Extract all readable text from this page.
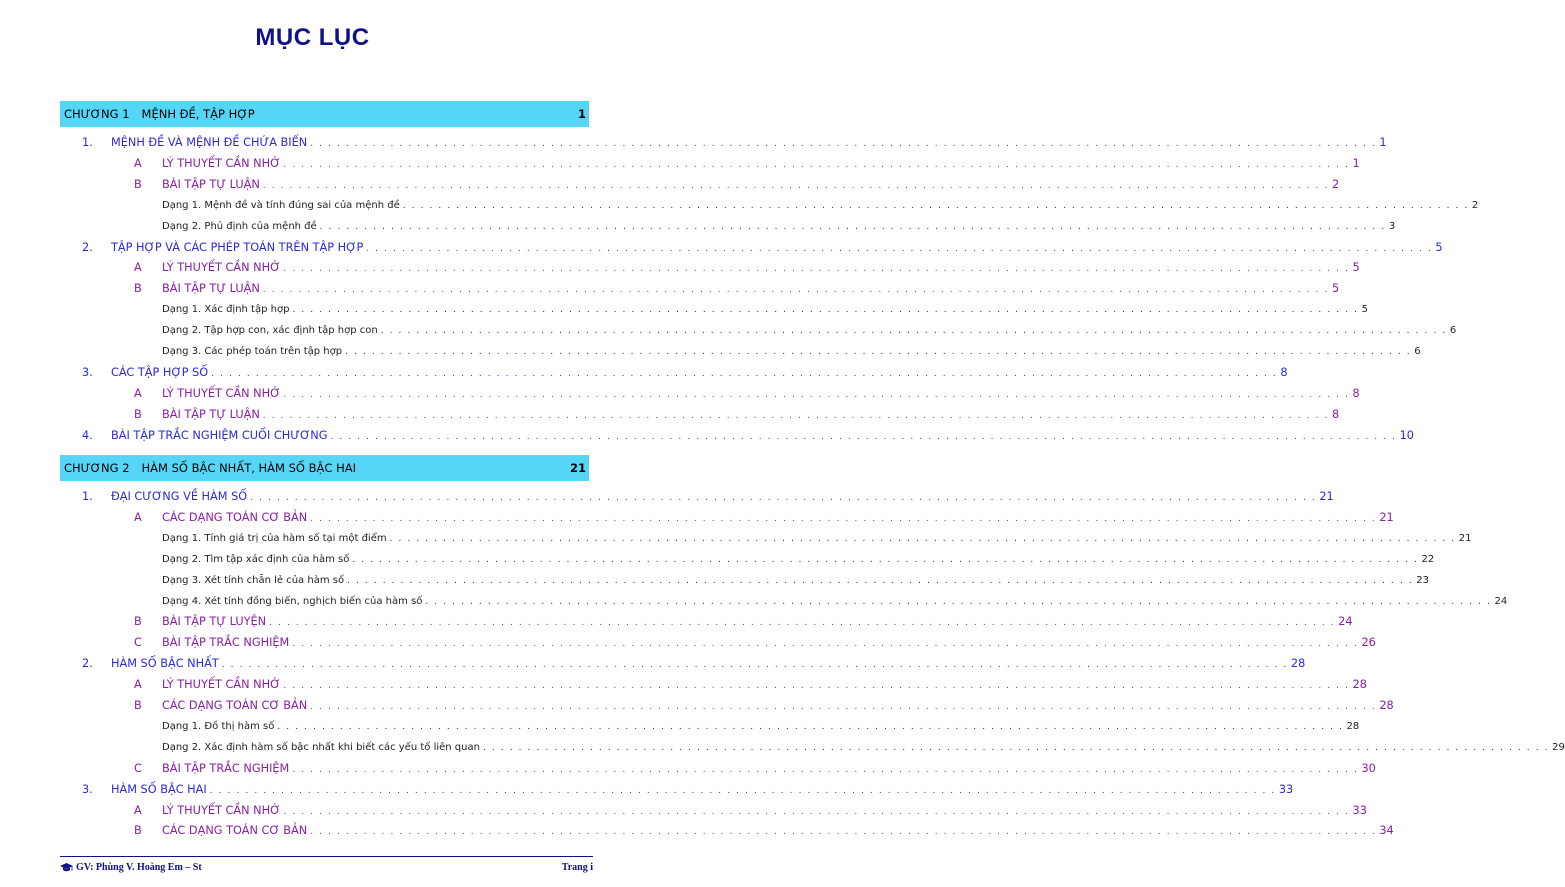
MỤC LỤC
CHƯƠNG 1 MỆNH ĐỀ, TẬP HỢP	1
1. MỆNH ĐỀ VÀ MỆNH ĐỀ CHỨA BIẾN . . . . . . . . . . . . . . . . . . . . . . . . . . . . . . . . . . . . . . . . . . . . . . . . . . . . . . . . . . . . . . . . . . . . . . . . . . . . . . . . . . . . . . . . . . . . . . . . . . . . . . . . . . . . . . . . . . . . . . . . 1
A LÝ THUYẾT CẦN NHỚ . . . . . . . . . . . . . . . . . . . . . . . . . . . . . . . . . . . . . . . . . . . . . . . . . . . . . . . . . . . . . . . . . . . . . . . . . . . . . . . . . . . . . . . . . . . . . . . . . . . . . . . . . . . . . . . . . . . . . . . . 1
B BÀI TẬP TỰ LUẬN . . . . . . . . . . . . . . . . . . . . . . . . . . . . . . . . . . . . . . . . . . . . . . . . . . . . . . . . . . . . . . . . . . . . . . . . . . . . . . . . . . . . . . . . . . . . . . . . . . . . . . . . . . . . . . . . . . . . . . . . 2
Dạng 1. Mệnh đề và tính đúng sai của mệnh đề . . . . . . . . . . . . . . . . . . . . . . . . . . . . . . . . . . . . . . . . . . . . . . . . . . . . . . . . . . . . . . . . . . . . . . . . . . . . . . . . . . . . . . . . . . . . . . . . . . . . . . . . . . . . . . . . . . . . . . . . 2
Dạng 2. Phủ định của mệnh đề . . . . . . . . . . . . . . . . . . . . . . . . . . . . . . . . . . . . . . . . . . . . . . . . . . . . . . . . . . . . . . . . . . . . . . . . . . . . . . . . . . . . . . . . . . . . . . . . . . . . . . . . . . . . . . . . . . . . . . . . 3
2. TẬP HỢP VÀ CÁC PHÉP TOÁN TRÊN TẬP HỢP . . . . . . . . . . . . . . . . . . . . . . . . . . . . . . . . . . . . . . . . . . . . . . . . . . . . . . . . . . . . . . . . . . . . . . . . . . . . . . . . . . . . . . . . . . . . . . . . . . . . . . . . . . . . . . . . . . . . . . . . 5
A LÝ THUYẾT CẦN NHỚ . . . . . . . . . . . . . . . . . . . . . . . . . . . . . . . . . . . . . . . . . . . . . . . . . . . . . . . . . . . . . . . . . . . . . . . . . . . . . . . . . . . . . . . . . . . . . . . . . . . . . . . . . . . . . . . . . . . . . . . . 5
B BÀI TẬP TỰ LUẬN . . . . . . . . . . . . . . . . . . . . . . . . . . . . . . . . . . . . . . . . . . . . . . . . . . . . . . . . . . . . . . . . . . . . . . . . . . . . . . . . . . . . . . . . . . . . . . . . . . . . . . . . . . . . . . . . . . . . . . . . 5
Dạng 1. Xác định tập hợp . . . . . . . . . . . . . . . . . . . . . . . . . . . . . . . . . . . . . . . . . . . . . . . . . . . . . . . . . . . . . . . . . . . . . . . . . . . . . . . . . . . . . . . . . . . . . . . . . . . . . . . . . . . . . . . . . . . . . . . . 5
Dạng 2. Tập hợp con, xác định tập hợp con . . . . . . . . . . . . . . . . . . . . . . . . . . . . . . . . . . . . . . . . . . . . . . . . . . . . . . . . . . . . . . . . . . . . . . . . . . . . . . . . . . . . . . . . . . . . . . . . . . . . . . . . . . . . . . . . . . . . . . . . 6
Dạng 3. Các phép toán trên tập hợp . . . . . . . . . . . . . . . . . . . . . . . . . . . . . . . . . . . . . . . . . . . . . . . . . . . . . . . . . . . . . . . . . . . . . . . . . . . . . . . . . . . . . . . . . . . . . . . . . . . . . . . . . . . . . . . . . . . . . . . . 6
3. CÁC TẬP HỢP SỐ . . . . . . . . . . . . . . . . . . . . . . . . . . . . . . . . . . . . . . . . . . . . . . . . . . . . . . . . . . . . . . . . . . . . . . . . . . . . . . . . . . . . . . . . . . . . . . . . . . . . . . . . . . . . . . . . . . . . . . . . 8
A LÝ THUYẾT CẦN NHỚ . . . . . . . . . . . . . . . . . . . . . . . . . . . . . . . . . . . . . . . . . . . . . . . . . . . . . . . . . . . . . . . . . . . . . . . . . . . . . . . . . . . . . . . . . . . . . . . . . . . . . . . . . . . . . . . . . . . . . . . . 8
B BÀI TẬP TỰ LUẬN . . . . . . . . . . . . . . . . . . . . . . . . . . . . . . . . . . . . . . . . . . . . . . . . . . . . . . . . . . . . . . . . . . . . . . . . . . . . . . . . . . . . . . . . . . . . . . . . . . . . . . . . . . . . . . . . . . . . . . . . 8
4. BÀI TẬP TRẮC NGHIỆM CUỐI CHƯƠNG . . . . . . . . . . . . . . . . . . . . . . . . . . . . . . . . . . . . . . . . . . . . . . . . . . . . . . . . . . . . . . . . . . . . . . . . . . . . . . . . . . . . . . . . . . . . . . . . . . . . . . . . . . . . . . . . . . . . . . . . 10
CHƯƠNG 2 HÀM SỐ BẬC NHẤT, HÀM SỐ BẬC HAI	21
1. ĐẠI CƯƠNG VỀ HÀM SỐ . . . . . . . . . . . . . . . . . . . . . . . . . . . . . . . . . . . . . . . . . . . . . . . . . . . . . . . . . . . . . . . . . . . . . . . . . . . . . . . . . . . . . . . . . . . . . . . . . . . . . . . . . . . . . . . . . . . . . . . . 21
A CÁC DẠNG TOÁN CƠ BẢN . . . . . . . . . . . . . . . . . . . . . . . . . . . . . . . . . . . . . . . . . . . . . . . . . . . . . . . . . . . . . . . . . . . . . . . . . . . . . . . . . . . . . . . . . . . . . . . . . . . . . . . . . . . . . . . . . . . . . . . . 21
Dạng 1. Tính giá trị của hàm số tại một điểm . . . . . . . . . . . . . . . . . . . . . . . . . . . . . . . . . . . . . . . . . . . . . . . . . . . . . . . . . . . . . . . . . . . . . . . . . . . . . . . . . . . . . . . . . . . . . . . . . . . . . . . . . . . . . . . . . . . . . . . . 21
Dạng 2. Tìm tập xác định của hàm số . . . . . . . . . . . . . . . . . . . . . . . . . . . . . . . . . . . . . . . . . . . . . . . . . . . . . . . . . . . . . . . . . . . . . . . . . . . . . . . . . . . . . . . . . . . . . . . . . . . . . . . . . . . . . . . . . . . . . . . . 22
Dạng 3. Xét tính chẵn lẻ của hàm số . . . . . . . . . . . . . . . . . . . . . . . . . . . . . . . . . . . . . . . . . . . . . . . . . . . . . . . . . . . . . . . . . . . . . . . . . . . . . . . . . . . . . . . . . . . . . . . . . . . . . . . . . . . . . . . . . . . . . . . . 23
Dạng 4. Xét tính đồng biến, nghịch biến của hàm số . . . . . . . . . . . . . . . . . . . . . . . . . . . . . . . . . . . . . . . . . . . . . . . . . . . . . . . . . . . . . . . . . . . . . . . . . . . . . . . . . . . . . . . . . . . . . . . . . . . . . . . . . . . . . . . . . . . . . . . . 24
B BÀI TẬP TỰ LUYỆN . . . . . . . . . . . . . . . . . . . . . . . . . . . . . . . . . . . . . . . . . . . . . . . . . . . . . . . . . . . . . . . . . . . . . . . . . . . . . . . . . . . . . . . . . . . . . . . . . . . . . . . . . . . . . . . . . . . . . . . . 24
C BÀI TẬP TRẮC NGHIỆM . . . . . . . . . . . . . . . . . . . . . . . . . . . . . . . . . . . . . . . . . . . . . . . . . . . . . . . . . . . . . . . . . . . . . . . . . . . . . . . . . . . . . . . . . . . . . . . . . . . . . . . . . . . . . . . . . . . . . . . . 26
2. HÀM SỐ BẬC NHẤT . . . . . . . . . . . . . . . . . . . . . . . . . . . . . . . . . . . . . . . . . . . . . . . . . . . . . . . . . . . . . . . . . . . . . . . . . . . . . . . . . . . . . . . . . . . . . . . . . . . . . . . . . . . . . . . . . . . . . . . . 28
A LÝ THUYẾT CẦN NHỚ . . . . . . . . . . . . . . . . . . . . . . . . . . . . . . . . . . . . . . . . . . . . . . . . . . . . . . . . . . . . . . . . . . . . . . . . . . . . . . . . . . . . . . . . . . . . . . . . . . . . . . . . . . . . . . . . . . . . . . . . 28
B CÁC DẠNG TOÁN CƠ BẢN . . . . . . . . . . . . . . . . . . . . . . . . . . . . . . . . . . . . . . . . . . . . . . . . . . . . . . . . . . . . . . . . . . . . . . . . . . . . . . . . . . . . . . . . . . . . . . . . . . . . . . . . . . . . . . . . . . . . . . . . 28
Dạng 1. Đồ thị hàm số . . . . . . . . . . . . . . . . . . . . . . . . . . . . . . . . . . . . . . . . . . . . . . . . . . . . . . . . . . . . . . . . . . . . . . . . . . . . . . . . . . . . . . . . . . . . . . . . . . . . . . . . . . . . . . . . . . . . . . . . 28
Dạng 2. Xác định hàm số bậc nhất khi biết các yếu tố liên quan . . . . . . . . . . . . . . . . . . . . . . . . . . . . . . . . . . . . . . . . . . . . . . . . . . . . . . . . . . . . . . . . . . . . . . . . . . . . . . . . . . . . . . . . . . . . . . . . . . . . . . . . . . . . . . . . . . . . . . . . 29
C BÀI TẬP TRẮC NGHIỆM . . . . . . . . . . . . . . . . . . . . . . . . . . . . . . . . . . . . . . . . . . . . . . . . . . . . . . . . . . . . . . . . . . . . . . . . . . . . . . . . . . . . . . . . . . . . . . . . . . . . . . . . . . . . . . . . . . . . . . . . 30
3. HÀM SỐ BẬC HAI . . . . . . . . . . . . . . . . . . . . . . . . . . . . . . . . . . . . . . . . . . . . . . . . . . . . . . . . . . . . . . . . . . . . . . . . . . . . . . . . . . . . . . . . . . . . . . . . . . . . . . . . . . . . . . . . . . . . . . . . 33
A LÝ THUYẾT CẦN NHỚ . . . . . . . . . . . . . . . . . . . . . . . . . . . . . . . . . . . . . . . . . . . . . . . . . . . . . . . . . . . . . . . . . . . . . . . . . . . . . . . . . . . . . . . . . . . . . . . . . . . . . . . . . . . . . . . . . . . . . . . . 33
B CÁC DẠNG TOÁN CƠ BẢN . . . . . . . . . . . . . . . . . . . . . . . . . . . . . . . . . . . . . . . . . . . . . . . . . . . . . . . . . . . . . . . . . . . . . . . . . . . . . . . . . . . . . . . . . . . . . . . . . . . . . . . . . . . . . . . . . . . . . . . . 34
GV: Phùng V. Hoàng Em – St	Trang i
